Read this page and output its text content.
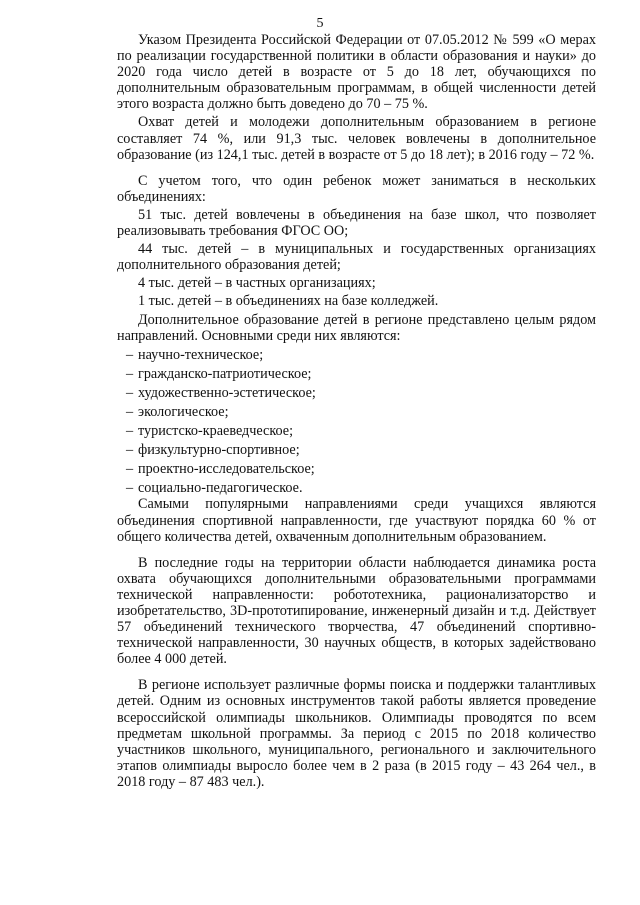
5

Указом Президента Российской Федерации от 07.05.2012 № 599 «О мерах по реализации государственной политики в области образования и науки» до 2020 года число детей в возрасте от 5 до 18 лет, обучающихся по дополнительным образовательным программам, в общей численности детей этого возраста должно быть доведено до 70 – 75 %.

Охват детей и молодежи дополнительным образованием в регионе составляет 74 %, или 91,3 тыс. человек вовлечены в дополнительное образование (из 124,1 тыс. детей в возрасте от 5 до 18 лет); в 2016 году – 72 %.

С учетом того, что один ребенок может заниматься в нескольких объединениях:

51 тыс. детей вовлечены в объединения на базе школ, что позволяет реализовывать требования ФГОС ОО;

44 тыс. детей – в муниципальных и государственных организациях дополнительного образования детей;

4 тыс. детей – в частных организациях;

1 тыс. детей – в объединениях на базе колледжей.

Дополнительное образование детей в регионе представлено целым рядом направлений. Основными среди них являются:

– научно-техническое;
– гражданско-патриотическое;
– художественно-эстетическое;
– экологическое;
– туристско-краеведческое;
– физкультурно-спортивное;
– проектно-исследовательское;
– социально-педагогическое.

Самыми популярными направлениями среди учащихся являются объединения спортивной направленности, где участвуют порядка 60 % от общего количества детей, охваченным дополнительным образованием.

В последние годы на территории области наблюдается динамика роста охвата обучающихся дополнительными образовательными программами технической направленности: робототехника, рационализаторство и изобретательство, 3D-прототипирование, инженерный дизайн и т.д. Действует 57 объединений технического творчества, 47 объединений спортивно-технической направленности, 30 научных обществ, в которых задействовано более 4 000 детей.

В регионе использует различные формы поиска и поддержки талантливых детей. Одним из основных инструментов такой работы является проведение всероссийской олимпиады школьников. Олимпиады проводятся по всем предметам школьной программы. За период с 2015 по 2018 количество участников школьного, муниципального, регионального и заключительного этапов олимпиады выросло более чем в 2 раза (в 2015 году – 43 264 чел., в 2018 году – 87 483 чел.).
